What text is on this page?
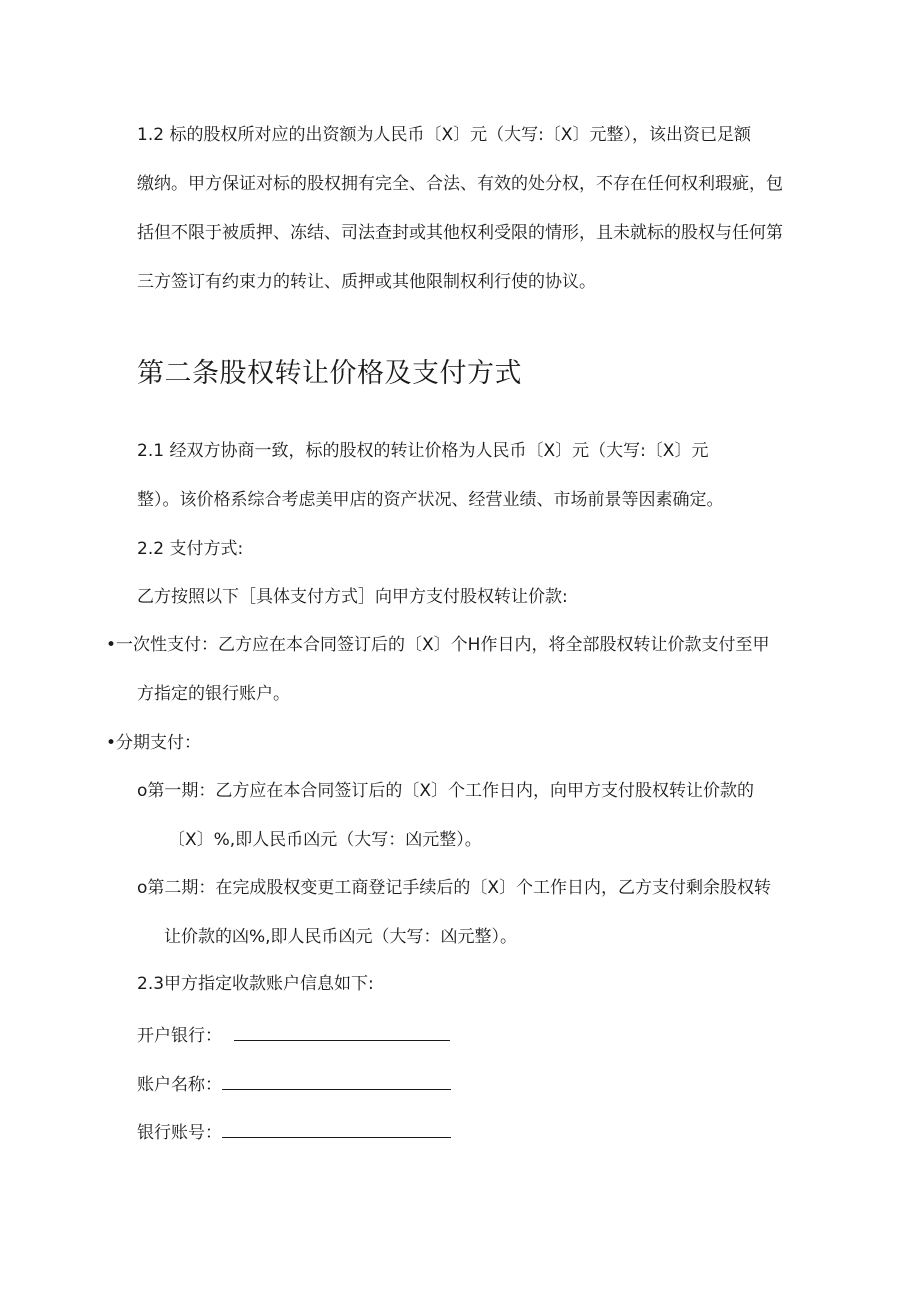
1.2 标的股权所对应的出资额为人民币〔X〕元（大写:〔X〕元整），该出资已足额
缴纳。甲方保证对标的股权拥有完全、合法、有效的处分权，不存在任何权利瑕疵，包
括但不限于被质押、冻结、司法查封或其他权利受限的情形，且未就标的股权与任何第
三方签订有约束力的转让、质押或其他限制权利行使的协议。
第二条股权转让价格及支付方式
2.1 经双方协商一致，标的股权的转让价格为人民币〔X〕元（大写:〔X〕元
整）。该价格系综合考虑美甲店的资产状况、经营业绩、市场前景等因素确定。
2.2 支付方式:
乙方按照以下［具体支付方式］向甲方支付股权转让价款:
•一次性支付：乙方应在本合同签订后的〔X〕个H作日内，将全部股权转让价款支付至甲
方指定的银行账户。
•分期支付：
o第一期：乙方应在本合同签订后的〔X〕个工作日内，向甲方支付股权转让价款的
〔X〕%,即人民币凶元（大写：凶元整）。
o第二期：在完成股权变更工商登记手续后的〔X〕个工作日内，乙方支付剩余股权转
让价款的凶%,即人民币凶元（大写：凶元整）。
2.3甲方指定收款账户信息如下:
开户银行：
账户名称：
银行账号：
